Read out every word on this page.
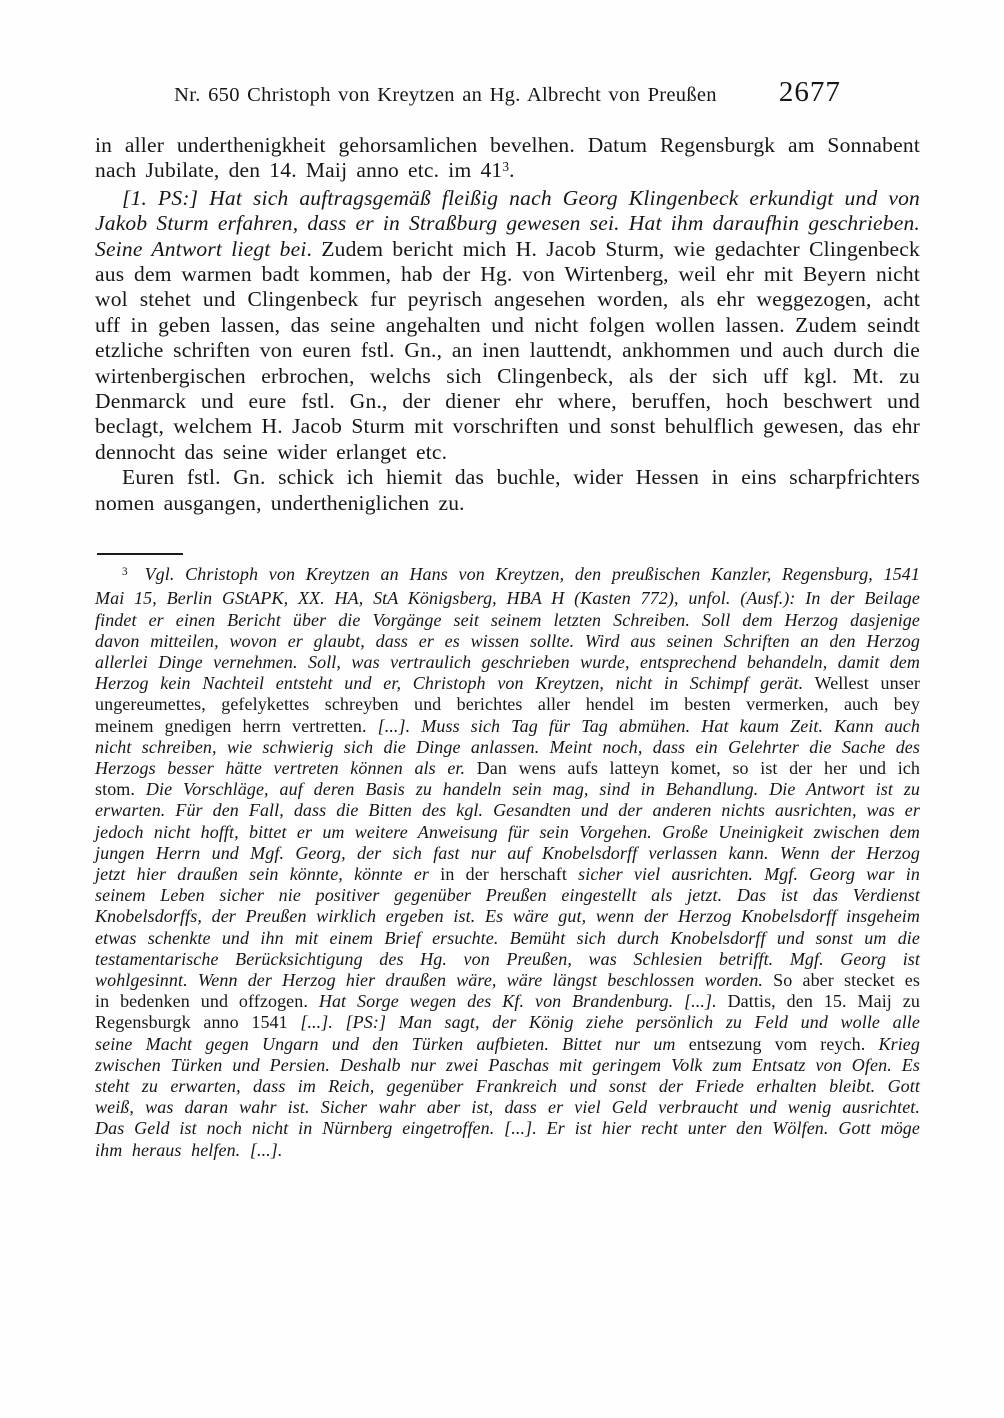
Nr. 650 Christoph von Kreytzen an Hg. Albrecht von Preußen 2677

in aller underthenigkheit gehorsamlichen bevelhen. Datum Regensburgk am Sonnabent nach Jubilate, den 14. Maij anno etc. im $41^3$.

[1. PS:] Hat sich auftragsgemäß fleißig nach Georg Klingenbeck erkundigt und von Jakob Sturm erfahren, dass er in Straßburg gewesen sei. Hat ihm daraufhin geschrieben. Seine Antwort liegt bei. Zudem bericht mich H. Jacob Sturm, wie gedachter Clingenbeck aus dem warmen badt kommen, hab der Hg. von Wirtenberg, weil ehr mit Beyern nicht wol stehet und Clingenbeck fur peyrisch angesehen worden, als ehr weggezogen, acht uff in geben lassen, das seine angehalten und nicht folgen wollen lassen. Zudem seindt etzliche schriften von euren fstl. Gn., an inen lauttendt, ankhommen und auch durch die wirtenbergischen erbrochen, welchs sich Clingenbeck, als der sich uff kgl. Mt. zu Denmarck und eure fstl. Gn., der diener ehr where, beruffen, hoch beschwert und beclagt, welchem H. Jacob Sturm mit vorschriften und sonst behulflich gewesen, das ehr dennocht das seine wider erlanget etc.

Euren fstl. Gn. schick ich hiemit das buchle, wider Hessen in eins scharpfrichters nomen ausgangen, undertheniglichen zu.

$^3$ Vgl. Christoph von Kreytzen an Hans von Kreytzen, den preußischen Kanzler, Regensburg, 1541 Mai 15, Berlin GStAPK, XX. HA, StA Königsberg, HBA H (Kasten 772), unfol. (Ausf.): In der Beilage findet er einen Bericht über die Vorgänge seit seinem letzten Schreiben. Soll dem Herzog dasjenige davon mitteilen, wovon er glaubt, dass er es wissen sollte. Wird aus seinen Schriften an den Herzog allerlei Dinge vernehmen. Soll, was vertraulich geschrieben wurde, entsprechend behandeln, damit dem Herzog kein Nachteil entsteht und er, Christoph von Kreytzen, nicht in Schimpf gerät. Wellest unser ungereumettes, gefelykettes schreyben und berichtes aller hendel im besten vermerken, auch bey meinem gnedigen herrn vertretten. [...]. Muss sich Tag für Tag abmühen. Hat kaum Zeit. Kann auch nicht schreiben, wie schwierig sich die Dinge anlassen. Meint noch, dass ein Gelehrter die Sache des Herzogs besser hätte vertreten können als er. Dan wens aufs latteyn komet, so ist der her und ich stom. Die Vorschläge, auf deren Basis zu handeln sein mag, sind in Behandlung. Die Antwort ist zu erwarten. Für den Fall, dass die Bitten des kgl. Gesandten und der anderen nichts ausrichten, was er jedoch nicht hofft, bittet er um weitere Anweisung für sein Vorgehen. Große Uneinigkeit zwischen dem jungen Herrn und Mgf. Georg, der sich fast nur auf Knobelsdorff verlassen kann. Wenn der Herzog jetzt hier draußen sein könnte, könnte er in der herschaft sicher viel ausrichten. Mgf. Georg war in seinem Leben sicher nie positiver gegenüber Preußen eingestellt als jetzt. Das ist das Verdienst Knobelsdorffs, der Preußen wirklich ergeben ist. Es wäre gut, wenn der Herzog Knobelsdorff insgeheim etwas schenkte und ihn mit einem Brief ersuchte. Bemüht sich durch Knobelsdorff und sonst um die testamentarische Berücksichtigung des Hg. von Preußen, was Schlesien betrifft. Mgf. Georg ist wohlgesinnt. Wenn der Herzog hier draußen wäre, wäre längst beschlossen worden. So aber stecket es in bedenken und offzogen. Hat Sorge wegen des Kf. von Brandenburg. [...]. Dattis, den 15. Maij zu Regensburgk anno 1541 [...]. [PS:] Man sagt, der König ziehe persönlich zu Feld und wolle alle seine Macht gegen Ungarn und den Türken aufbieten. Bittet nur um entsezung vom reych. Krieg zwischen Türken und Persien. Deshalb nur zwei Paschas mit geringem Volk zum Entsatz von Ofen. Es steht zu erwarten, dass im Reich, gegenüber Frankreich und sonst der Friede erhalten bleibt. Gott weiß, was daran wahr ist. Sicher wahr aber ist, dass er viel Geld verbraucht und wenig ausrichtet. Das Geld ist noch nicht in Nürnberg eingetroffen. [...]. Er ist hier recht unter den Wölfen. Gott möge ihm heraus helfen. [...].
